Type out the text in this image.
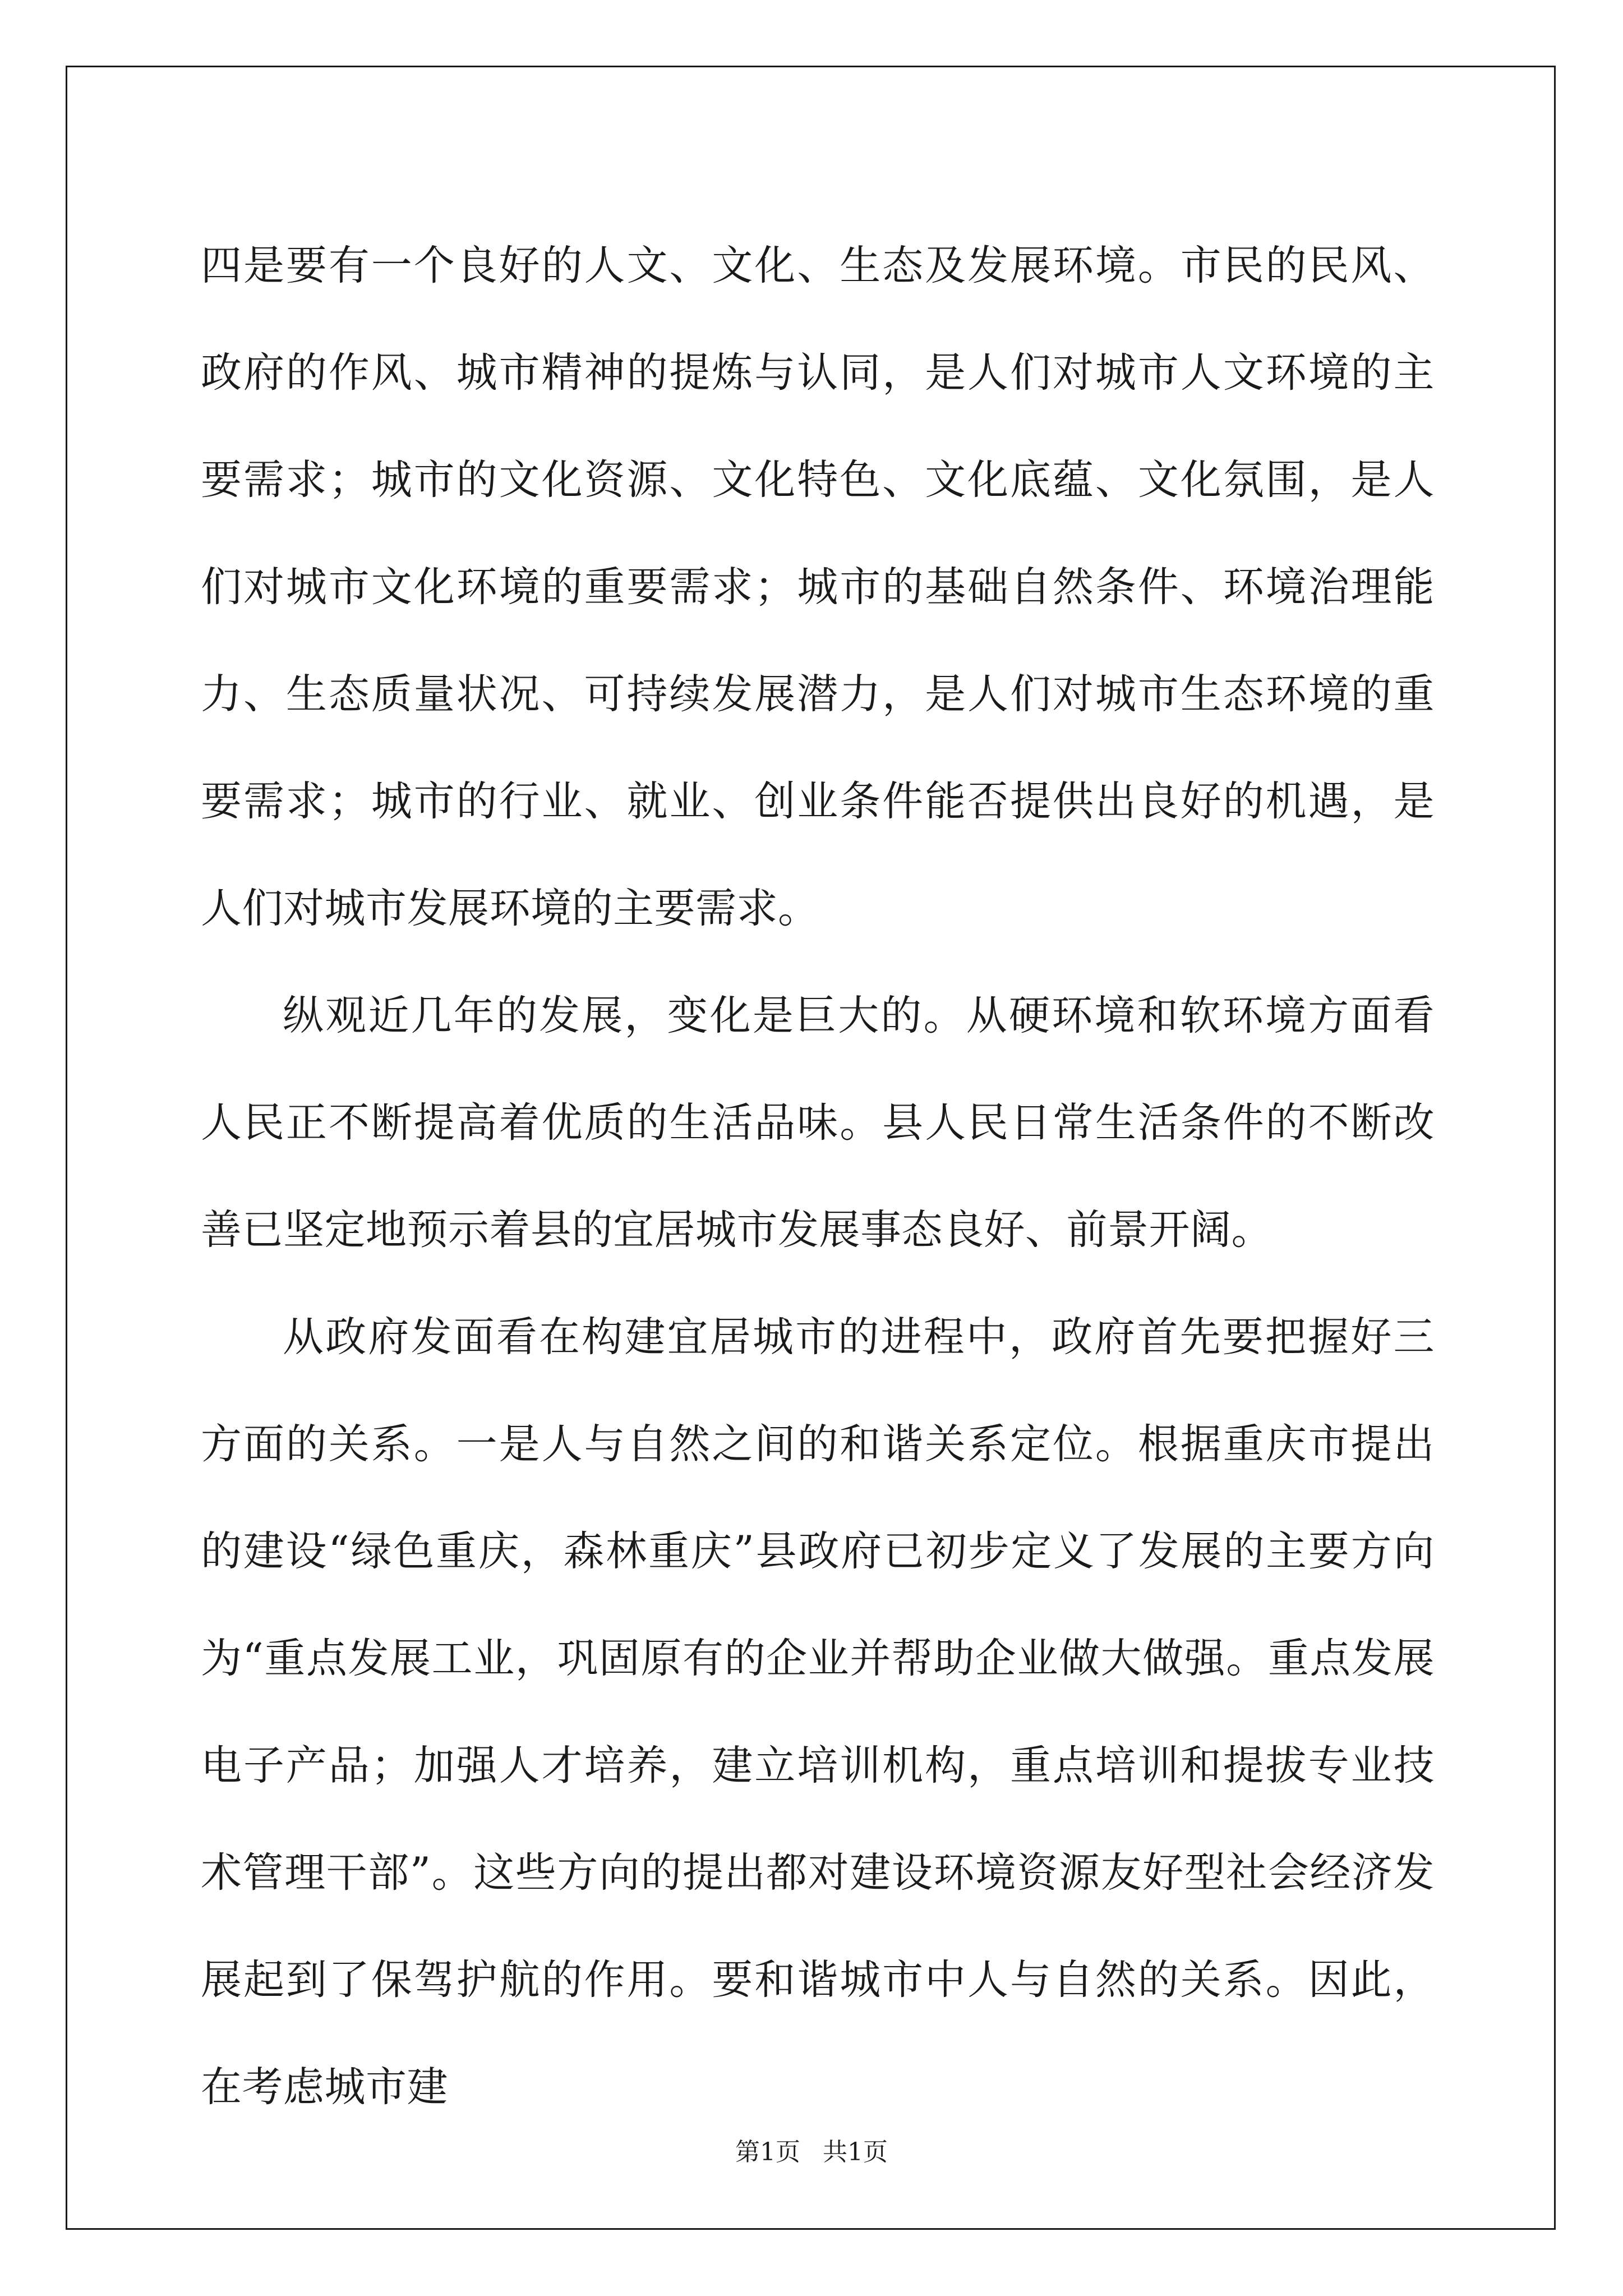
四是要有一个良好的人文、文化、生态及发展环境。市民的民风、政府的作风、城市精神的提炼与认同，是人们对城市人文环境的主要需求；城市的文化资源、文化特色、文化底蕴、文化氛围，是人们对城市文化环境的重要需求；城市的基础自然条件、环境治理能力、生态质量状况、可持续发展潜力，是人们对城市生态环境的重要需求；城市的行业、就业、创业条件能否提供出良好的机遇，是人们对城市发展环境的主要需求。

纵观近几年的发展，变化是巨大的。从硬环境和软环境方面看人民正不断提高着优质的生活品味。县人民日常生活条件的不断改善已坚定地预示着县的宜居城市发展事态良好、前景开阔。

从政府发面看在构建宜居城市的进程中，政府首先要把握好三方面的关系。一是人与自然之间的和谐关系定位。根据重庆市提出的建设“绿色重庆，森林重庆”县政府已初步定义了发展的主要方向为“重点发展工业，巩固原有的企业并帮助企业做大做强。重点发展电子产品；加强人才培养，建立培训机构，重点培训和提拔专业技术管理干部”。这些方向的提出都对建设环境资源友好型社会经济发展起到了保驾护航的作用。要和谐城市中人与自然的关系。因此，在考虑城市建

第1页 共1页
